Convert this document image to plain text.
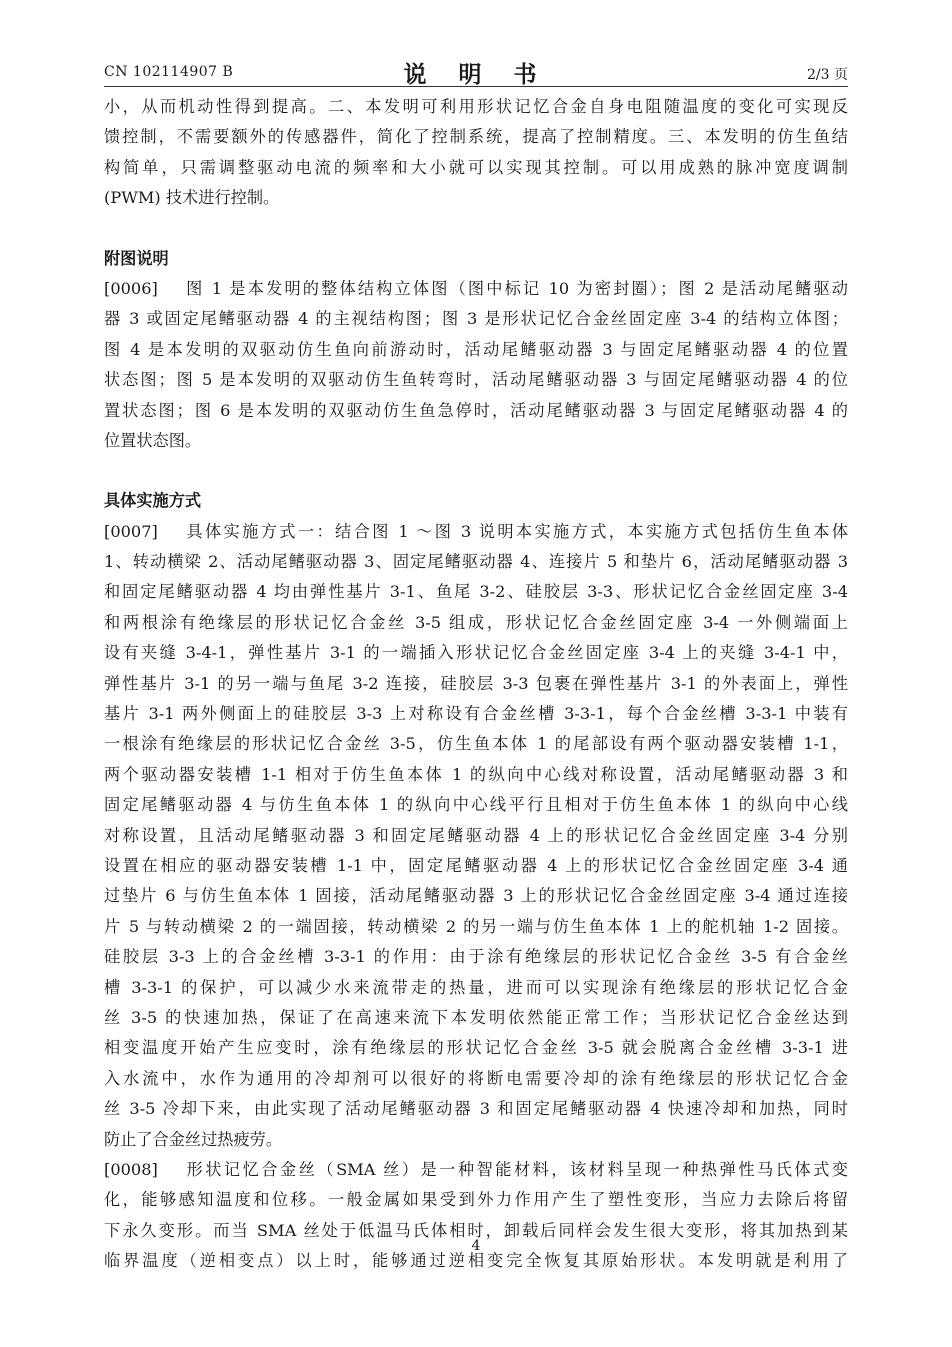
CN 102114907 B	说 明 书	2/3 页
小，从而机动性得到提高。二、本发明可利用形状记忆合金自身电阻随温度的变化可实现反
馈控制，不需要额外的传感器件，简化了控制系统，提高了控制精度。三、本发明的仿生鱼结
构简单，只需调整驱动电流的频率和大小就可以实现其控制。可以用成熟的脉冲宽度调制
(PWM) 技术进行控制。
附图说明
[0006] 图 1 是本发明的整体结构立体图（图中标记 10 为密封圈）；图 2 是活动尾鳍驱动
器 3 或固定尾鳍驱动器 4 的主视结构图；图 3 是形状记忆合金丝固定座 3-4 的结构立体图；
图 4 是本发明的双驱动仿生鱼向前游动时，活动尾鳍驱动器 3 与固定尾鳍驱动器 4 的位置
状态图；图 5 是本发明的双驱动仿生鱼转弯时，活动尾鳍驱动器 3 与固定尾鳍驱动器 4 的位
置状态图；图 6 是本发明的双驱动仿生鱼急停时，活动尾鳍驱动器 3 与固定尾鳍驱动器 4 的
位置状态图。
具体实施方式
[0007] 具体实施方式一：结合图 1 ～图 3 说明本实施方式，本实施方式包括仿生鱼本体
1、转动横梁 2、活动尾鳍驱动器 3、固定尾鳍驱动器 4、连接片 5 和垫片 6，活动尾鳍驱动器 3
和固定尾鳍驱动器 4 均由弹性基片 3-1、鱼尾 3-2、硅胶层 3-3、形状记忆合金丝固定座 3-4
和两根涂有绝缘层的形状记忆合金丝 3-5 组成，形状记忆合金丝固定座 3-4 一外侧端面上
设有夹缝 3-4-1，弹性基片 3-1 的一端插入形状记忆合金丝固定座 3-4 上的夹缝 3-4-1 中，
弹性基片 3-1 的另一端与鱼尾 3-2 连接，硅胶层 3-3 包裹在弹性基片 3-1 的外表面上，弹性
基片 3-1 两外侧面上的硅胶层 3-3 上对称设有合金丝槽 3-3-1，每个合金丝槽 3-3-1 中装有
一根涂有绝缘层的形状记忆合金丝 3-5，仿生鱼本体 1 的尾部设有两个驱动器安装槽 1-1，
两个驱动器安装槽 1-1 相对于仿生鱼本体 1 的纵向中心线对称设置，活动尾鳍驱动器 3 和
固定尾鳍驱动器 4 与仿生鱼本体 1 的纵向中心线平行且相对于仿生鱼本体 1 的纵向中心线
对称设置，且活动尾鳍驱动器 3 和固定尾鳍驱动器 4 上的形状记忆合金丝固定座 3-4 分别
设置在相应的驱动器安装槽 1-1 中，固定尾鳍驱动器 4 上的形状记忆合金丝固定座 3-4 通
过垫片 6 与仿生鱼本体 1 固接，活动尾鳍驱动器 3 上的形状记忆合金丝固定座 3-4 通过连接
片 5 与转动横梁 2 的一端固接，转动横梁 2 的另一端与仿生鱼本体 1 上的舵机轴 1-2 固接。
硅胶层 3-3 上的合金丝槽 3-3-1 的作用：由于涂有绝缘层的形状记忆合金丝 3-5 有合金丝
槽 3-3-1 的保护，可以减少水来流带走的热量，进而可以实现涂有绝缘层的形状记忆合金
丝 3-5 的快速加热，保证了在高速来流下本发明依然能正常工作；当形状记忆合金丝达到
相变温度开始产生应变时，涂有绝缘层的形状记忆合金丝 3-5 就会脱离合金丝槽 3-3-1 进
入水流中，水作为通用的冷却剂可以很好的将断电需要冷却的涂有绝缘层的形状记忆合金
丝 3-5 冷却下来，由此实现了活动尾鳍驱动器 3 和固定尾鳍驱动器 4 快速冷却和加热，同时
防止了合金丝过热疲劳。
[0008] 形状记忆合金丝（SMA 丝）是一种智能材料，该材料呈现一种热弹性马氏体式变
化，能够感知温度和位移。一般金属如果受到外力作用产生了塑性变形，当应力去除后将留
下永久变形。而当 SMA 丝处于低温马氏体相时，卸载后同样会发生很大变形，将其加热到某
临界温度（逆相变点）以上时，能够通过逆相变完全恢复其原始形状。本发明就是利用了
4
